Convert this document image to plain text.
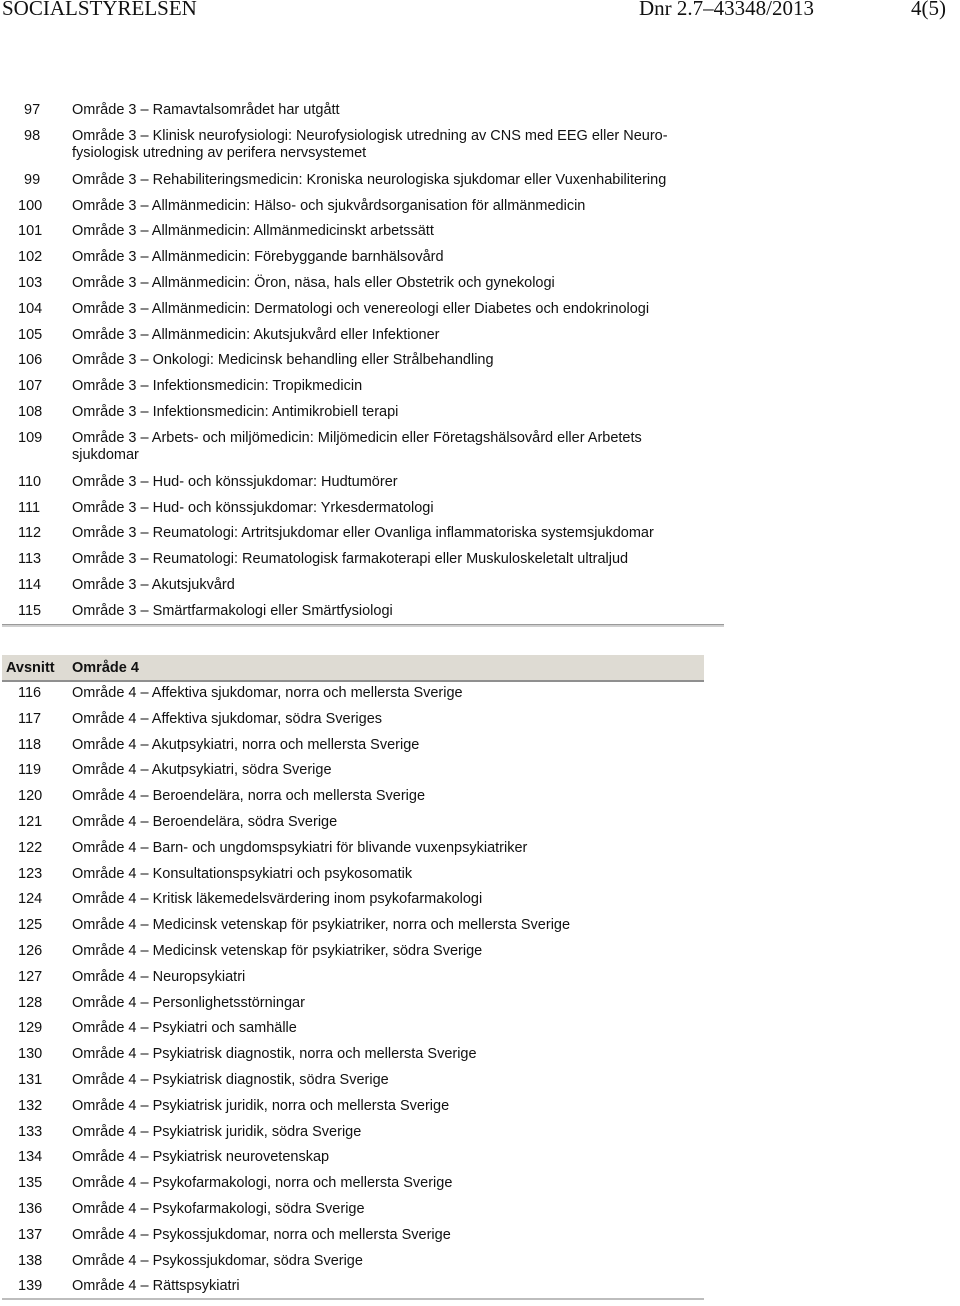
SOCIALSTYRELSEN	Dnr 2.7–43348/2013	4(5)
97	Område 3 – Ramavtalsområdet har utgått
98	Område 3 – Klinisk neurofysiologi: Neurofysiologisk utredning av CNS med EEG eller Neuro-
fysiologisk utredning av perifera nervsystemet
99	Område 3 – Rehabiliteringsmedicin: Kroniska neurologiska sjukdomar eller Vuxenhabilitering
100	Område 3 – Allmänmedicin: Hälso- och sjukvårdsorganisation för allmänmedicin
101	Område 3 – Allmänmedicin: Allmänmedicinskt arbetssätt
102	Område 3 – Allmänmedicin: Förebyggande barnhälsovård
103	Område 3 – Allmänmedicin: Öron, näsa, hals eller Obstetrik och gynekologi
104	Område 3 – Allmänmedicin: Dermatologi och venereologi eller Diabetes och endokrinologi
105	Område 3 – Allmänmedicin: Akutsjukvård eller Infektioner
106	Område 3 – Onkologi: Medicinsk behandling eller Strålbehandling
107	Område 3 – Infektionsmedicin: Tropikmedicin
108	Område 3 – Infektionsmedicin: Antimikrobiell terapi
109	Område 3 – Arbets- och miljömedicin: Miljömedicin eller Företagshälsovård eller Arbetets
sjukdomar
110	Område 3 – Hud- och könssjukdomar: Hudtumörer
111	Område 3 – Hud- och könssjukdomar: Yrkesdermatologi
112	Område 3 – Reumatologi: Artritsjukdomar eller Ovanliga inflammatoriska systemsjukdomar
113	Område 3 – Reumatologi: Reumatologisk farmakoterapi eller Muskuloskeletalt ultraljud
114	Område 3 – Akutsjukvård
115	Område 3 – Smärtfarmakologi eller Smärtfysiologi
Avsnitt	Område 4
116	Område 4 – Affektiva sjukdomar, norra och mellersta Sverige
117	Område 4 – Affektiva sjukdomar, södra Sveriges
118	Område 4 – Akutpsykiatri, norra och mellersta Sverige
119	Område 4 – Akutpsykiatri, södra Sverige
120	Område 4 – Beroendelära, norra och mellersta Sverige
121	Område 4 – Beroendelära, södra Sverige
122	Område 4 – Barn- och ungdomspsykiatri för blivande vuxenpsykiatriker
123	Område 4 – Konsultationspsykiatri och psykosomatik
124	Område 4 – Kritisk läkemedelsvärdering inom psykofarmakologi
125	Område 4 – Medicinsk vetenskap för psykiatriker, norra och mellersta Sverige
126	Område 4 – Medicinsk vetenskap för psykiatriker, södra Sverige
127	Område 4 – Neuropsykiatri
128	Område 4 – Personlighetsstörningar
129	Område 4 – Psykiatri och samhälle
130	Område 4 – Psykiatrisk diagnostik, norra och mellersta Sverige
131	Område 4 – Psykiatrisk diagnostik, södra Sverige
132	Område 4 – Psykiatrisk juridik, norra och mellersta Sverige
133	Område 4 – Psykiatrisk juridik, södra Sverige
134	Område 4 – Psykiatrisk neurovetenskap
135	Område 4 – Psykofarmakologi, norra och mellersta Sverige
136	Område 4 – Psykofarmakologi, södra Sverige
137	Område 4 – Psykossjukdomar, norra och mellersta Sverige
138	Område 4 – Psykossjukdomar, södra Sverige
139	Område 4 – Rättspsykiatri
